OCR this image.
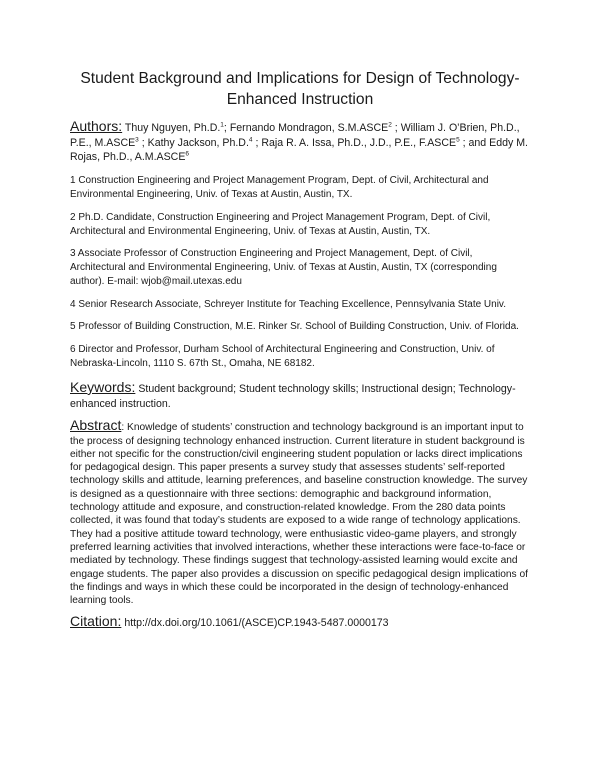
Student Background and Implications for Design of Technology-Enhanced Instruction

Authors: Thuy Nguyen, Ph.D.$^1$; Fernando Mondragon, S.M.ASCE$^2$ ; William J. O’Brien, Ph.D., P.E., M.ASCE$^3$ ; Kathy Jackson, Ph.D.$^4$ ; Raja R. A. Issa, Ph.D., J.D., P.E., F.ASCE$^5$ ; and Eddy M. Rojas, Ph.D., A.M.ASCE$^6$

1 Construction Engineering and Project Management Program, Dept. of Civil, Architectural and Environmental Engineering, Univ. of Texas at Austin, Austin, TX.

2 Ph.D. Candidate, Construction Engineering and Project Management Program, Dept. of Civil, Architectural and Environmental Engineering, Univ. of Texas at Austin, Austin, TX.

3 Associate Professor of Construction Engineering and Project Management, Dept. of Civil, Architectural and Environmental Engineering, Univ. of Texas at Austin, Austin, TX (corresponding author). E-mail: wjob@mail.utexas.edu

4 Senior Research Associate, Schreyer Institute for Teaching Excellence, Pennsylvania State Univ.

5 Professor of Building Construction, M.E. Rinker Sr. School of Building Construction, Univ. of Florida.

6 Director and Professor, Durham School of Architectural Engineering and Construction, Univ. of Nebraska-Lincoln, 1110 S. 67th St., Omaha, NE 68182.

Keywords: Student background; Student technology skills; Instructional design; Technology-enhanced instruction.

Abstract: Knowledge of students’ construction and technology background is an important input to the process of designing technology enhanced instruction. Current literature in student background is either not specific for the construction/civil engineering student population or lacks direct implications for pedagogical design. This paper presents a survey study that assesses students’ self-reported technology skills and attitude, learning preferences, and baseline construction knowledge. The survey is designed as a questionnaire with three sections: demographic and background information, technology attitude and exposure, and construction-related knowledge. From the 280 data points collected, it was found that today’s students are exposed to a wide range of technology applications. They had a positive attitude toward technology, were enthusiastic video-game players, and strongly preferred learning activities that involved interactions, whether these interactions were face-to-face or mediated by technology. These findings suggest that technology-assisted learning would excite and engage students. The paper also provides a discussion on specific pedagogical design implications of the findings and ways in which these could be incorporated in the design of technology-enhanced learning tools.

Citation: http://dx.doi.org/10.1061/(ASCE)CP.1943-5487.0000173
